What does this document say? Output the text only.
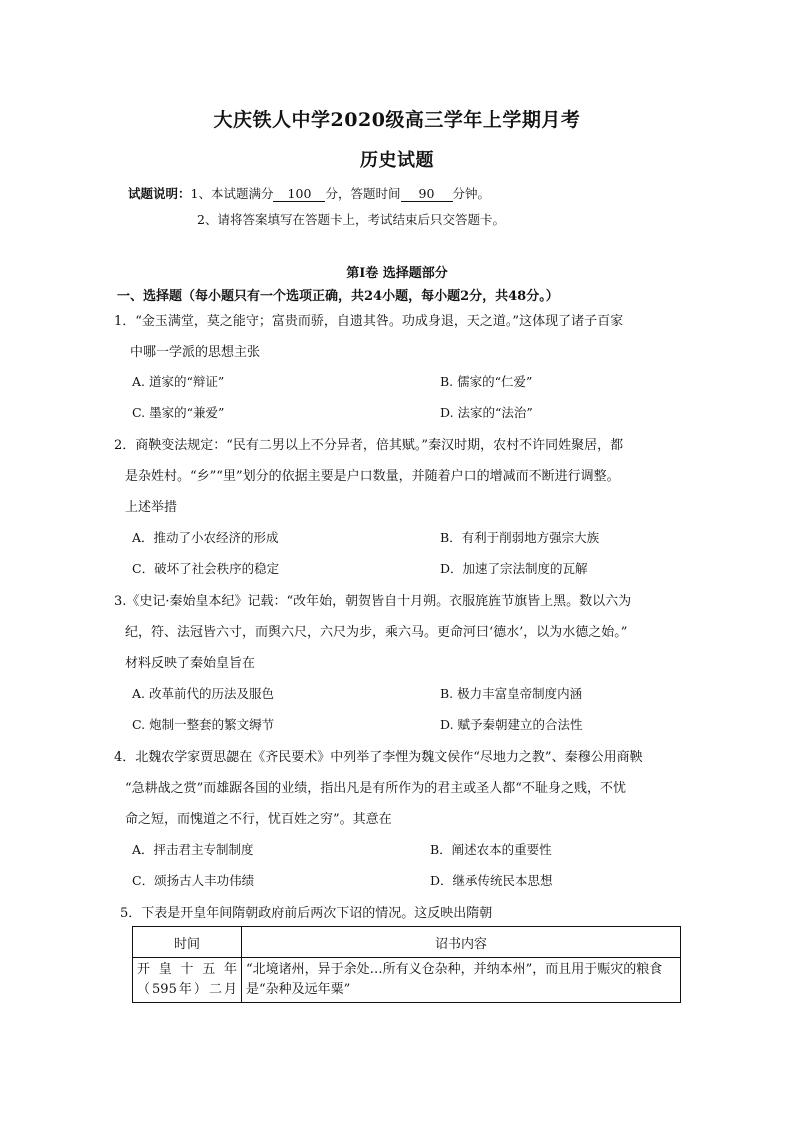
大庆铁人中学2020级高三学年上学期月考
历史试题
试题说明：1、本试题满分 100 分，答题时间 90 分钟。
2、请将答案填写在答题卡上，考试结束后只交答题卡。
第Ⅰ卷 选择题部分
一、选择题（每小题只有一个选项正确，共24小题，每小题2分，共48分。）
1．“金玉满堂，莫之能守；富贵而骄，自遗其咎。功成身退，天之道。”这体现了诸子百家
中哪一学派的思想主张
A. 道家的“辩证”	B. 儒家的“仁爱”
C. 墨家的“兼爱”	D. 法家的“法治”
2．商鞅变法规定：“民有二男以上不分异者，倍其赋。”秦汉时期，农村不许同姓聚居，都
是杂姓村。“乡”“里”划分的依据主要是户口数量，并随着户口的增减而不断进行调整。
上述举措
A．推动了小农经济的形成	B．有利于削弱地方强宗大族
C．破坏了社会秩序的稳定	D．加速了宗法制度的瓦解
3.《史记·秦始皇本纪》记载：“改年始，朝贺皆自十月朔。衣服旄旌节旗皆上黑。数以六为
纪，符、法冠皆六寸，而舆六尺，六尺为步，乘六马。更命河曰‘德水’，以为水德之始。”
材料反映了秦始皇旨在
A. 改革前代的历法及服色	B. 极力丰富皇帝制度内涵
C. 炮制一整套的繁文缛节	D. 赋予秦朝建立的合法性
4．北魏农学家贾思勰在《齐民要术》中列举了李悝为魏文侯作“尽地力之教”、秦穆公用商鞅
“急耕战之赏”而雄踞各国的业绩，指出凡是有所作为的君主或圣人都“不耻身之贱，不忧
命之短，而愧道之不行，忧百姓之穷”。其意在
A．抨击君主专制制度	B．阐述农本的重要性
C．颂扬古人丰功伟绩	D．继承传统民本思想
5．下表是开皇年间隋朝政府前后两次下诏的情况。这反映出隋朝
时间	诏书内容
开皇十五年（595年）二月	“北境诸州，异于余处…所有义仓杂种，并纳本州”，而且用于赈灾的粮食是“杂种及远年粟”
